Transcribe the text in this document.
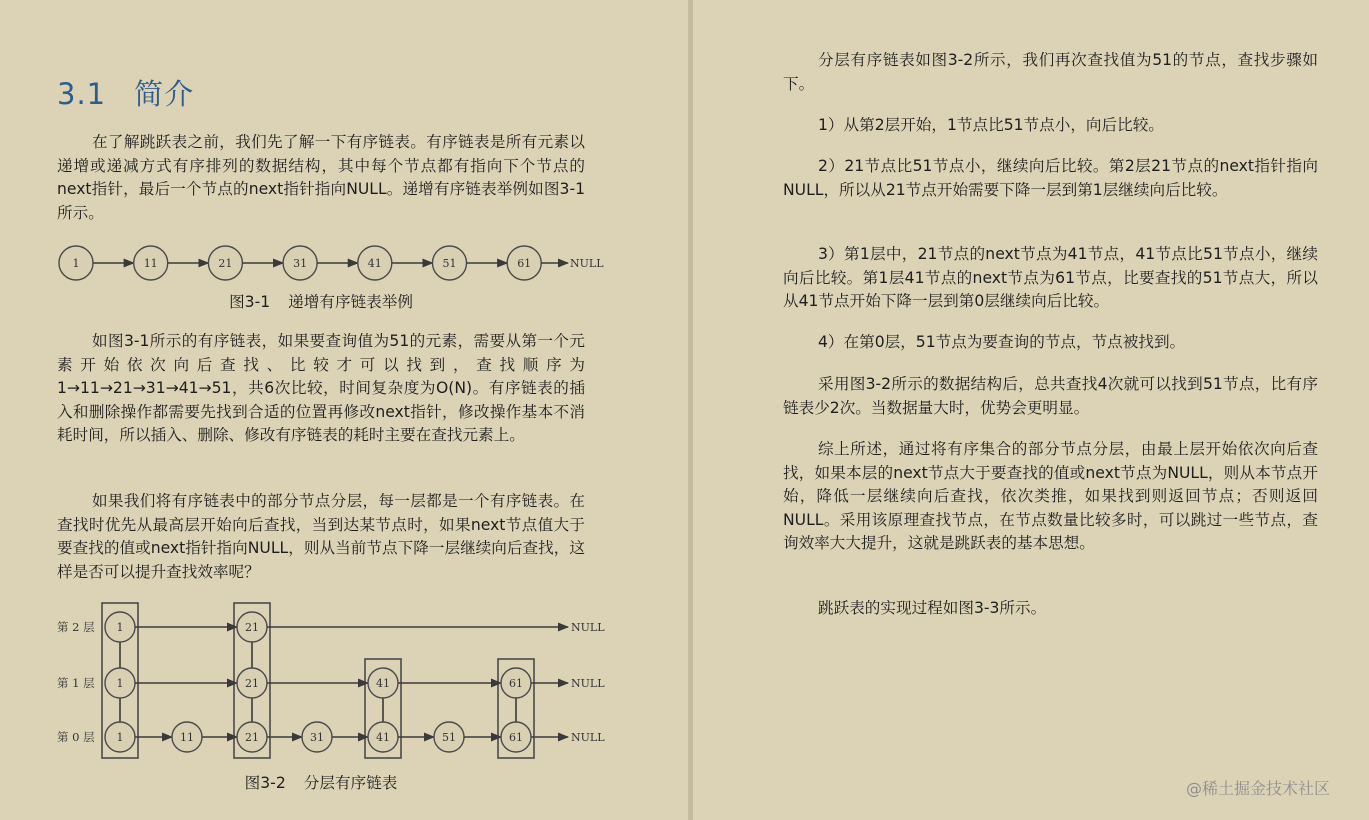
3.1 简介

在了解跳跃表之前，我们先了解一下有序链表。有序链表是所有元素以递增或递减方式有序排列的数据结构，其中每个节点都有指向下个节点的next指针，最后一个节点的next指针指向NULL。递增有序链表举例如图3-1所示。

1	11	21	31	41	51	61	NULL

图3-1 递增有序链表举例

如图3-1所示的有序链表，如果要查询值为51的元素，需要从第一个元素开始依次向后查找、比较才可以找到，查找顺序为1→11→21→31→41→51，共6次比较，时间复杂度为O(N)。有序链表的插入和删除操作都需要先找到合适的位置再修改next指针，修改操作基本不消耗时间，所以插入、删除、修改有序链表的耗时主要在查找元素上。

如果我们将有序链表中的部分节点分层，每一层都是一个有序链表。在查找时优先从最高层开始向后查找，当到达某节点时，如果next节点值大于要查找的值或next指针指向NULL，则从当前节点下降一层继续向后查找，这样是否可以提升查找效率呢？

第 2 层 1	21	NULL
第 1 层 1	21	41	61	NULL
第 0 层 1	11	21	31	41	51	61	NULL

图3-2 分层有序链表

分层有序链表如图3-2所示，我们再次查找值为51的节点，查找步骤如下。

1）从第2层开始，1节点比51节点小，向后比较。

2）21节点比51节点小，继续向后比较。第2层21节点的next指针指向NULL，所以从21节点开始需要下降一层到第1层继续向后比较。

3）第1层中，21节点的next节点为41节点，41节点比51节点小，继续向后比较。第1层41节点的next节点为61节点，比要查找的51节点大，所以从41节点开始下降一层到第0层继续向后比较。

4）在第0层，51节点为要查询的节点，节点被找到。

采用图3-2所示的数据结构后，总共查找4次就可以找到51节点，比有序链表少2次。当数据量大时，优势会更明显。

综上所述，通过将有序集合的部分节点分层，由最上层开始依次向后查找，如果本层的next节点大于要查找的值或next节点为NULL，则从本节点开始，降低一层继续向后查找，依次类推，如果找到则返回节点；否则返回NULL。采用该原理查找节点，在节点数量比较多时，可以跳过一些节点，查询效率大大提升，这就是跳跃表的基本思想。

跳跃表的实现过程如图3-3所示。

@稀土掘金技术社区
